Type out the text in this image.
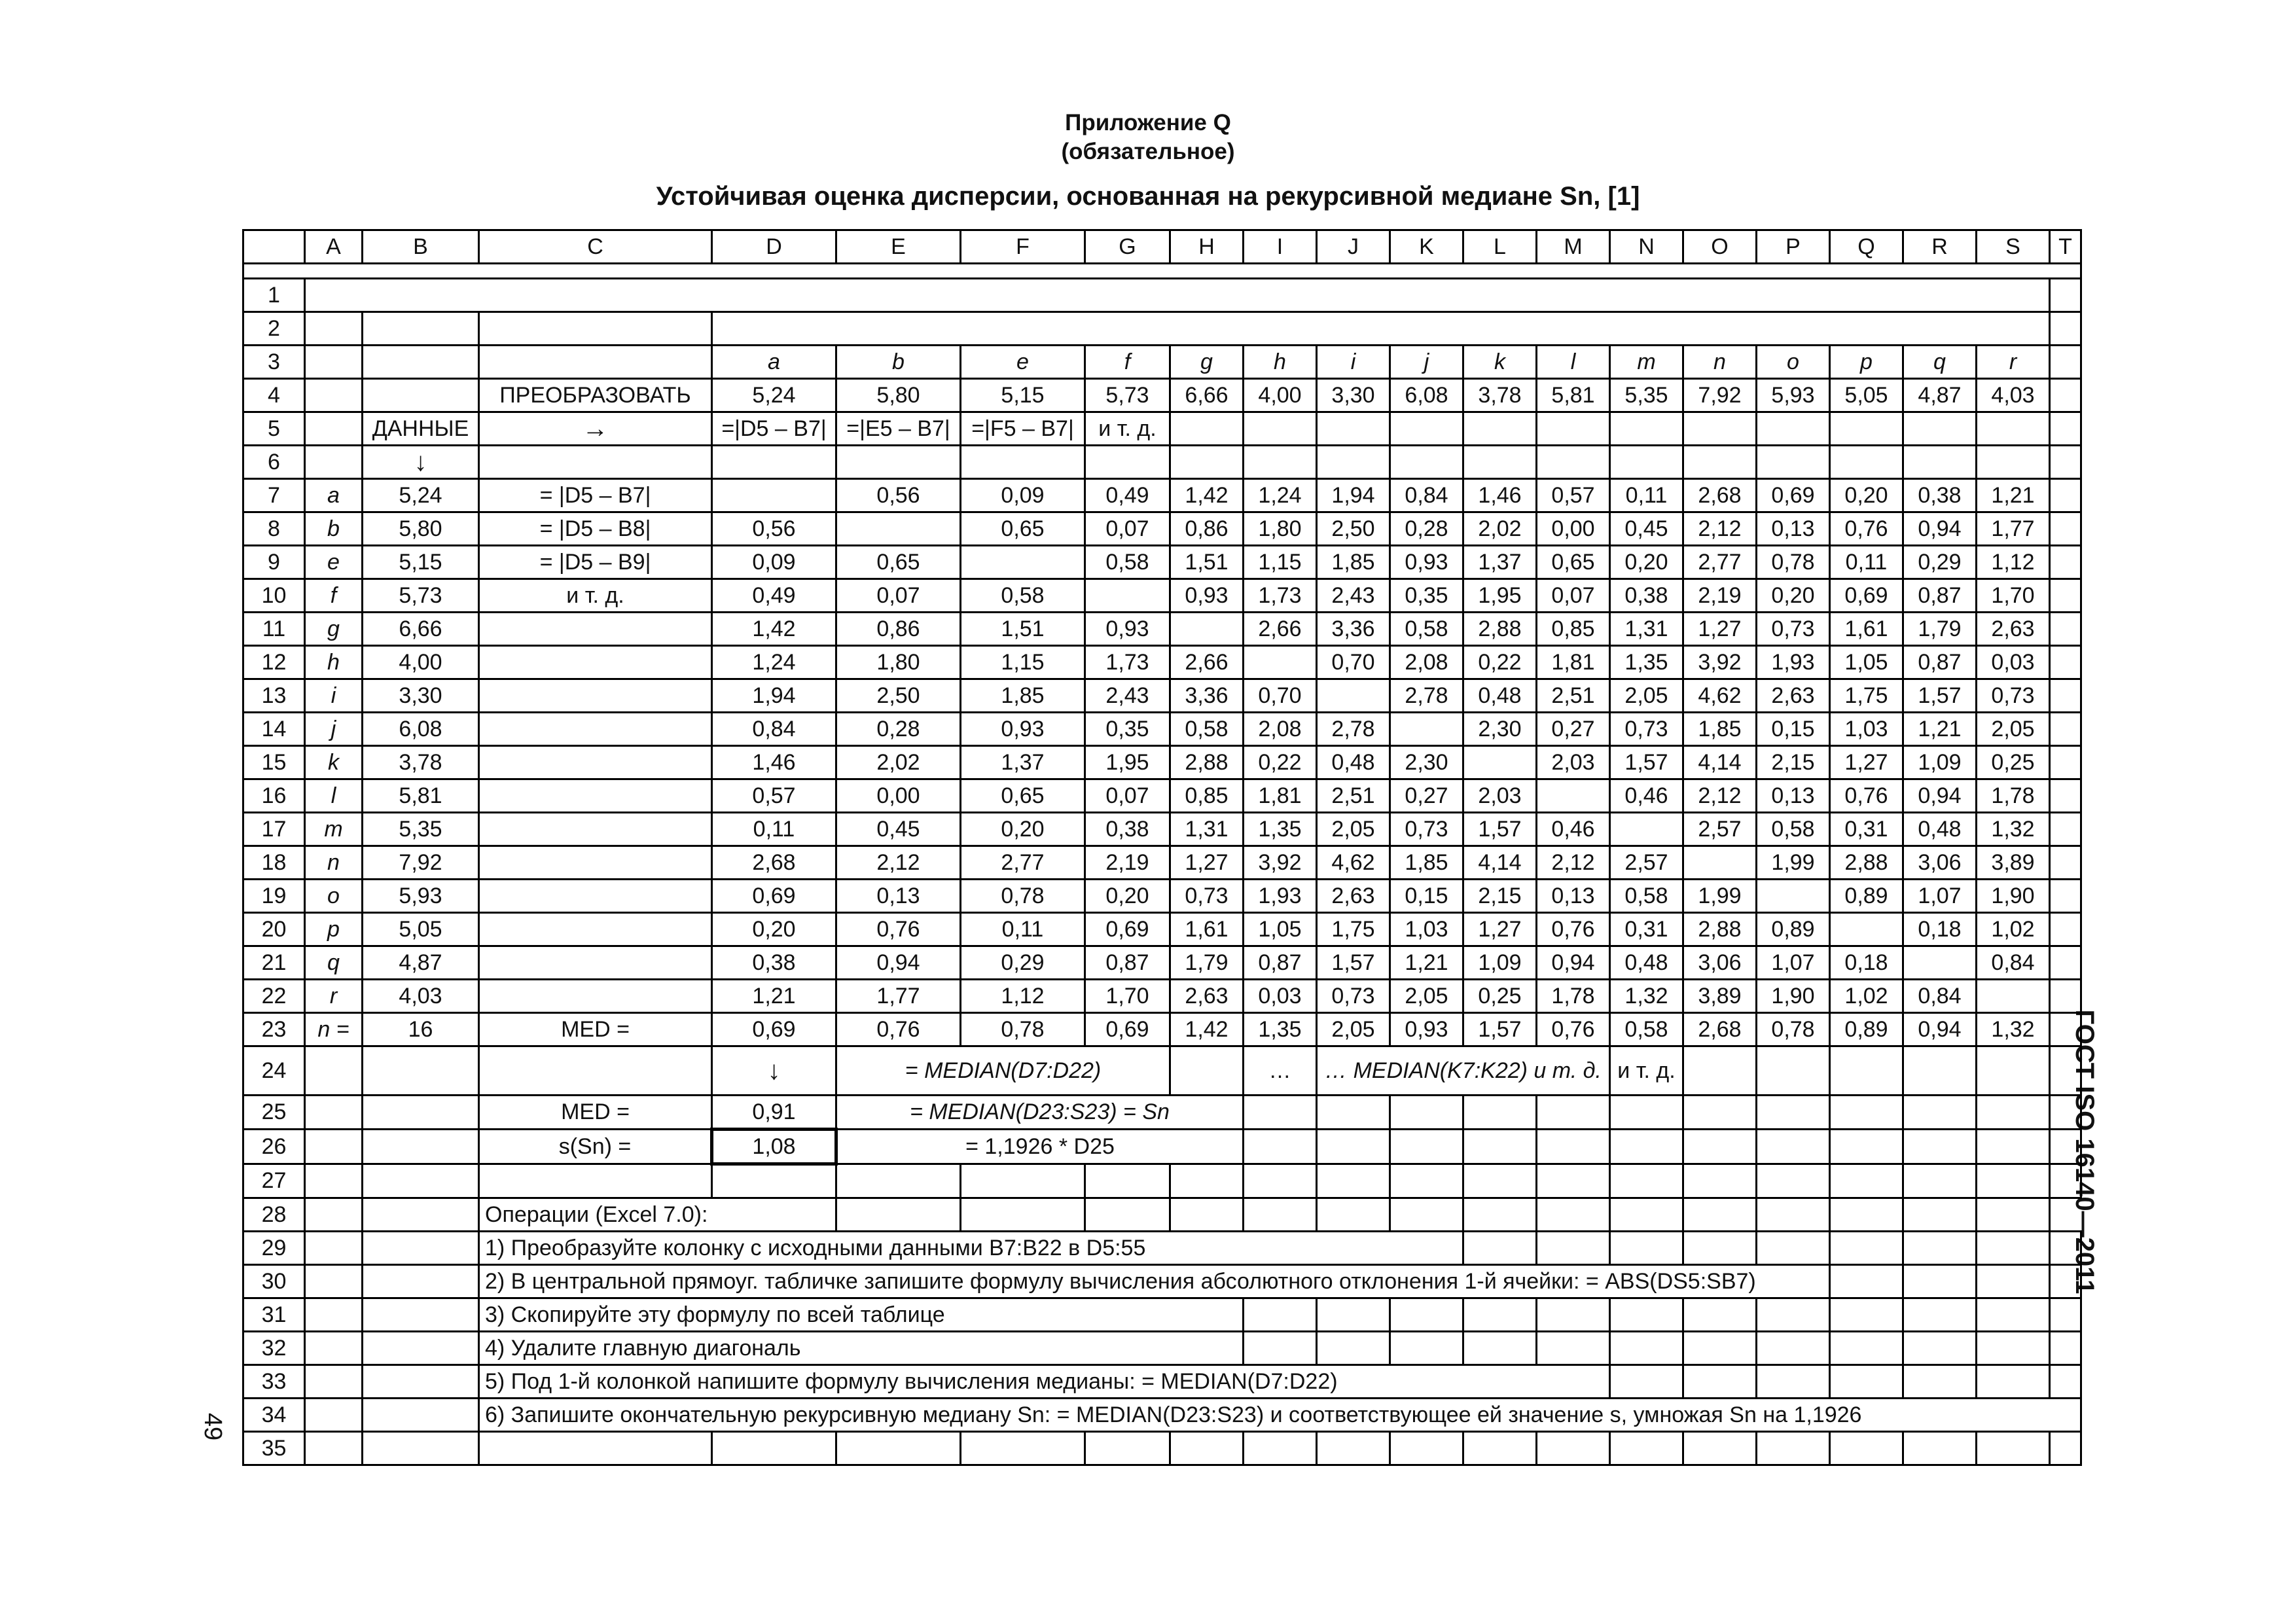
Приложение Q
(обязательное)
Устойчивая оценка дисперсии, основанная на рекурсивной медиане Sn, [1]
ГОСТ ISO 16140—2011
49
	A	B	C	D	E	F	G	H	I	J	K	L	M	N	O	P	Q	R	S	T

1																				
2																				
3				a	b	e	f	g	h	i	j	k	l	m	n	o	p	q	r	
4			ПРЕОБРАЗОВАТЬ	5,24	5,80	5,15	5,73	6,66	4,00	3,30	6,08	3,78	5,81	5,35	7,92	5,93	5,05	4,87	4,03	
5		ДАННЫЕ	→	=|D5 – B7|	=|E5 – B7|	=|F5 – B7|	и т. д.													
6		↓																		
7	a	5,24	= |D5 – B7|		0,56	0,09	0,49	1,42	1,24	1,94	0,84	1,46	0,57	0,11	2,68	0,69	0,20	0,38	1,21	
8	b	5,80	= |D5 – B8|	0,56		0,65	0,07	0,86	1,80	2,50	0,28	2,02	0,00	0,45	2,12	0,13	0,76	0,94	1,77	
9	e	5,15	= |D5 – B9|	0,09	0,65		0,58	1,51	1,15	1,85	0,93	1,37	0,65	0,20	2,77	0,78	0,11	0,29	1,12	
10	f	5,73	и т. д.	0,49	0,07	0,58		0,93	1,73	2,43	0,35	1,95	0,07	0,38	2,19	0,20	0,69	0,87	1,70	
11	g	6,66		1,42	0,86	1,51	0,93		2,66	3,36	0,58	2,88	0,85	1,31	1,27	0,73	1,61	1,79	2,63	
12	h	4,00		1,24	1,80	1,15	1,73	2,66		0,70	2,08	0,22	1,81	1,35	3,92	1,93	1,05	0,87	0,03	
13	i	3,30		1,94	2,50	1,85	2,43	3,36	0,70		2,78	0,48	2,51	2,05	4,62	2,63	1,75	1,57	0,73	
14	j	6,08		0,84	0,28	0,93	0,35	0,58	2,08	2,78		2,30	0,27	0,73	1,85	0,15	1,03	1,21	2,05	
15	k	3,78		1,46	2,02	1,37	1,95	2,88	0,22	0,48	2,30		2,03	1,57	4,14	2,15	1,27	1,09	0,25	
16	l	5,81		0,57	0,00	0,65	0,07	0,85	1,81	2,51	0,27	2,03		0,46	2,12	0,13	0,76	0,94	1,78	
17	m	5,35		0,11	0,45	0,20	0,38	1,31	1,35	2,05	0,73	1,57	0,46		2,57	0,58	0,31	0,48	1,32	
18	n	7,92		2,68	2,12	2,77	2,19	1,27	3,92	4,62	1,85	4,14	2,12	2,57		1,99	2,88	3,06	3,89	
19	o	5,93		0,69	0,13	0,78	0,20	0,73	1,93	2,63	0,15	2,15	0,13	0,58	1,99		0,89	1,07	1,90	
20	p	5,05		0,20	0,76	0,11	0,69	1,61	1,05	1,75	1,03	1,27	0,76	0,31	2,88	0,89		0,18	1,02	
21	q	4,87		0,38	0,94	0,29	0,87	1,79	0,87	1,57	1,21	1,09	0,94	0,48	3,06	1,07	0,18		0,84	
22	r	4,03		1,21	1,77	1,12	1,70	2,63	0,03	0,73	2,05	0,25	1,78	1,32	3,89	1,90	1,02	0,84		
23	n =	16	MED =	0,69	0,76	0,78	0,69	1,42	1,35	2,05	0,93	1,57	0,76	0,58	2,68	0,78	0,89	0,94	1,32	
24				↓	= MEDIAN(D7:D22)				…	… MEDIAN(K7:K22) и т. д.				и т. д.						
25			MED =	0,91	= MEDIAN(D23:S23) = Sn															
26			s(Sn) =	1,08	= 1,1926 * D25															
27																				
28			Операции (Excel 7.0):																	
29			1) Преобразуйте колонку с исходными данными B7:B22 в D5:55																	
30			2) В центральной прямоуг. табличке запишите формулу вычисления абсолютного отклонения 1-й ячейки: = ABS(DS5:SB7)																	
31			3) Скопируйте эту формулу по всей таблице																	
32			4) Удалите главную диагональ																	
33			5) Под 1-й колонкой напишите формулу вычисления медианы: = MEDIAN(D7:D22)																	
34			6) Запишите окончательную рекурсивную медиану Sn: = MEDIAN(D23:S23) и соответствующее ей значение s, умножая Sn на 1,1926																	
35																				
